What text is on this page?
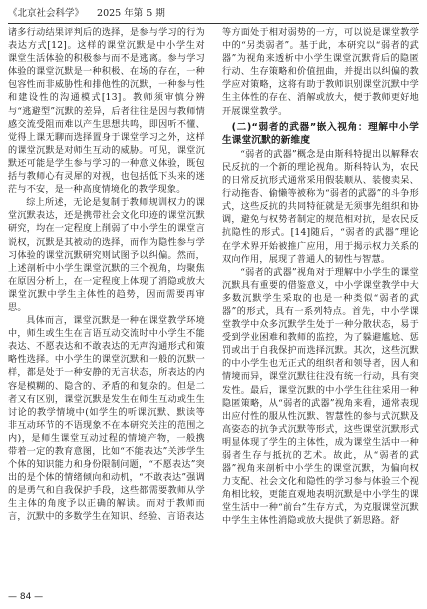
《北京社会科学》 2025 年第 5 期

诸多行动结果评判后的选择，是参与学习的行为表达方式[12]。这样的课堂沉默是中小学生对课堂生活体验的积极参与而不是逃离。参与学习体验的课堂沉默是一种积极、在场的存在，一种包容性而非威胁性和排他性的沉默，一种参与性和建设性的沟通模式[13]。教师须审慎分辨与“逃避型”沉默的差异，后者往往是因与教师情感交流受阻而难以产生思想共鸣，即因听不懂、觉得上课无聊而选择置身于课堂学习之外，这样的课堂沉默是对师生互动的威胁。可见，课堂沉默还可能是学生参与学习的一种意义体验，既包括与教师心有灵犀的对视，也包括低下头来的迷茫与不安，是一种高度情境化的教学现象。

综上所述，无论是复制于教师规训权力的课堂沉默表达，还是携带社会文化印迹的课堂沉默研究，均在一定程度上削弱了中小学生的课堂言说权，沉默是其被动的选择，而作为隐性参与学习体验的课堂沉默研究则试图予以纠偏。然而，上述剖析中小学生课堂沉默的三个视角，均聚焦在原因分析上，在一定程度上体现了消隐或放大课堂沉默中学生主体性的趋势，因而需要再审思。

具体而言，课堂沉默是一种在课堂教学环境中，师生或生生在言语互动交流时中小学生不能表达、不愿表达和不敢表达的无声沟通形式和策略性选择。中小学生的课堂沉默和一般的沉默一样，都是处于一种安静的无言状态，所表达的内容是模糊的、隐含的、矛盾的和复杂的。但是二者又有区别，课堂沉默是发生在师生互动或生生讨论的教学情境中(如学生的听课沉默、默读等非互动环节的不语现象不在本研究关注的范围之内)，是师生课堂互动过程的情境产物，一般携带着一定的教育意图，比如“不能表达”关涉学生个体的知识能力和身份限制问题，“不愿表达”突出的是个体的情绪倾向和动机，“不敢表达”强调的是勇气和自我保护手段，这些都需要教师从学生主体的角度予以正确的解读。而对于教师而言，沉默中的多数学生在知识、经验、言语表达

等方面处于相对弱势的一方，可以说是课堂教学中的“另类弱者”。基于此，本研究以“弱者的武器”为视角来透析中小学生课堂沉默背后的隐匿行动、生存策略和价值扭曲，并提出以纠偏的教学应对策略，这将有助于教师识别课堂沉默中学生主体性的存在、消解或放大，便于教师更好地开展课堂教学。

(二)“弱者的武器”嵌入视角：理解中小学生课堂沉默的新维度

“弱者的武器”概念是由斯科特提出以解释农民反抗的一个新的理论视角。斯科特认为，农民的日常反抗形式通常采用假装顺从、装傻卖呆、行动拖沓、偷懒等被称为“弱者的武器”的斗争形式，这些反抗的共同特征就是无须事先组织和协调，避免与权势者制定的规范相对抗，是农民反抗隐性的形式。[14]随后，“弱者的武器”理论在学术界开始被推广应用，用于揭示权力关系的双向作用，展现了普通人的韧性与智慧。

“弱者的武器”视角对于理解中小学生的课堂沉默具有重要的借鉴意义，中小学课堂教学中大多数沉默学生采取的也是一种类似“弱者的武器”的形式，具有一系列特点。首先，中小学课堂教学中众多沉默学生处于一种分散状态，易于受到学业困难和教师的监控，为了躲避尴尬、惩罚或出于自我保护而选择沉默。其次，这些沉默的中小学生也无正式的组织者和领导者，因人和情境而异，课堂沉默往往没有统一行动，具有突发性。最后，课堂沉默的中小学生往往采用一种隐匿策略，从“弱者的武器”视角来看，通常表现出应付性的服从性沉默、智慧性的参与式沉默及高姿态的抗争式沉默等形式，这些课堂沉默形式明显体现了学生的主体性，成为课堂生活中一种弱者生存与抵抗的艺术。故此，从“弱者的武器”视角来剖析中小学生的课堂沉默，为偏向权力支配、社会文化和隐性的学习参与体验三个视角相比较，更能直观地表明沉默是中小学生的课堂生活中一种“前台”生存方式，为克服课堂沉默中学生主体性消隐或放大提供了新思路。舒

— 84 —
